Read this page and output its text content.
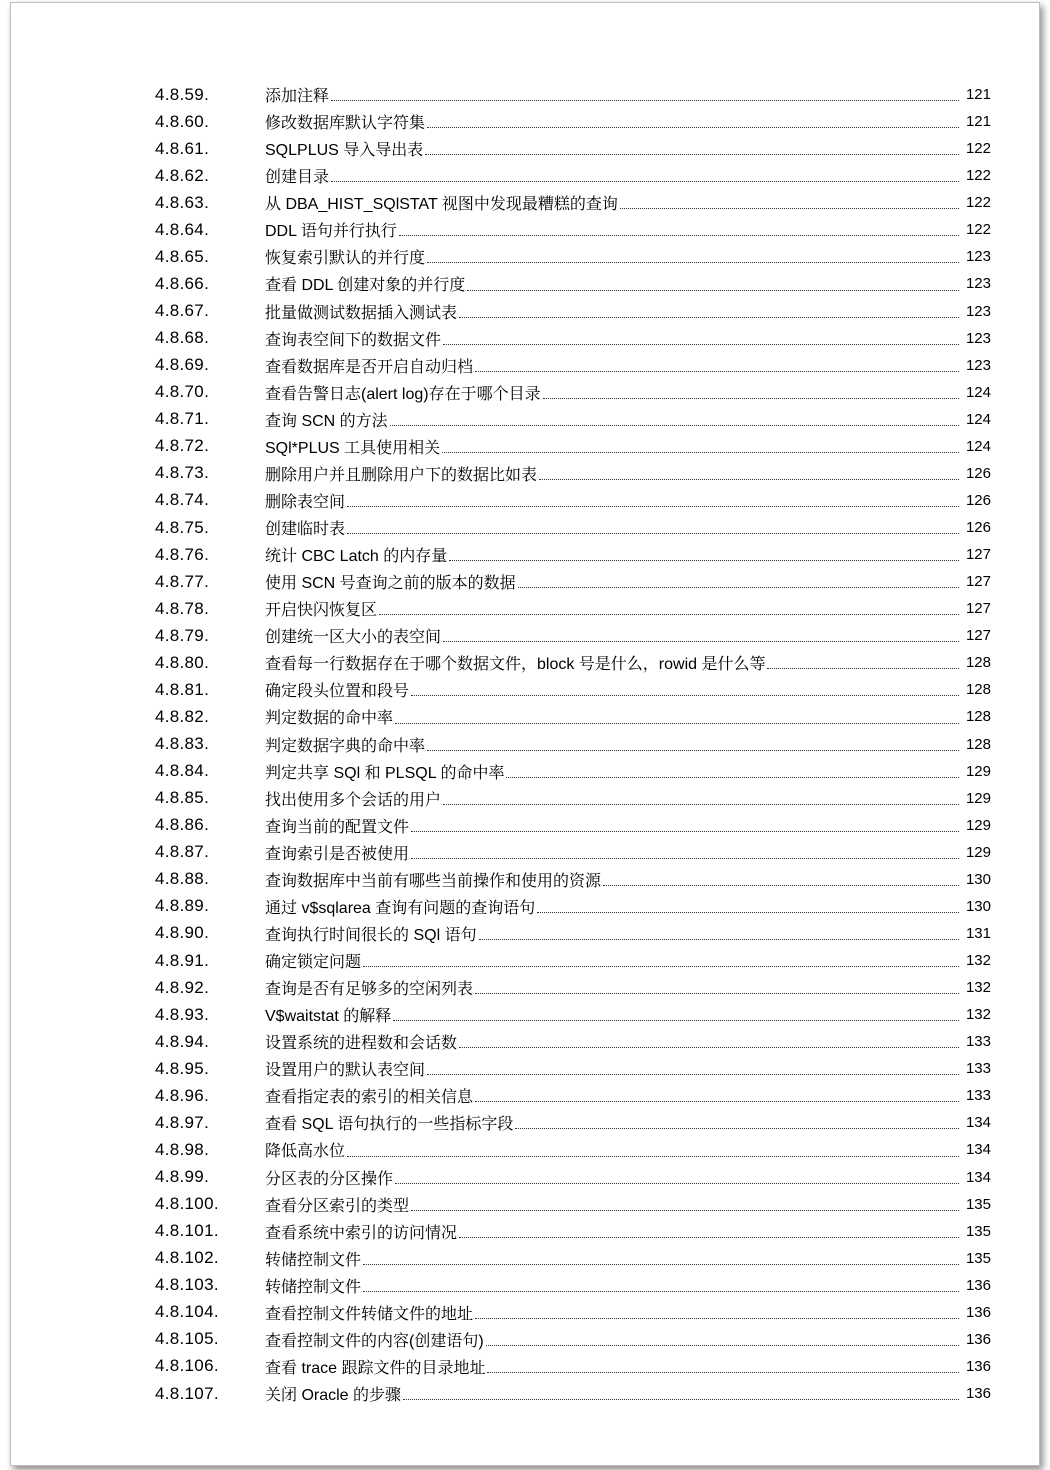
4.8.59.	添加注释	121
4.8.60.	修改数据库默认字符集	121
4.8.61.	SQLPLUS 导入导出表	122
4.8.62.	创建目录	122
4.8.63.	从 DBA_HIST_SQlSTAT 视图中发现最糟糕的查询	122
4.8.64.	DDL 语句并行执行	122
4.8.65.	恢复索引默认的并行度	123
4.8.66.	查看 DDL 创建对象的并行度	123
4.8.67.	批量做测试数据插入测试表	123
4.8.68.	查询表空间下的数据文件	123
4.8.69.	查看数据库是否开启自动归档	123
4.8.70.	查看告警日志(alert log)存在于哪个目录	124
4.8.71.	查询 SCN 的方法	124
4.8.72.	SQl*PLUS 工具使用相关	124
4.8.73.	删除用户并且删除用户下的数据比如表	126
4.8.74.	删除表空间	126
4.8.75.	创建临时表	126
4.8.76.	统计 CBC Latch 的内存量	127
4.8.77.	使用 SCN 号查询之前的版本的数据	127
4.8.78.	开启快闪恢复区	127
4.8.79.	创建统一区大小的表空间	127
4.8.80.	查看每一行数据存在于哪个数据文件，block 号是什么，rowid 是什么等	128
4.8.81.	确定段头位置和段号	128
4.8.82.	判定数据的命中率	128
4.8.83.	判定数据字典的命中率	128
4.8.84.	判定共享 SQl 和 PLSQL 的命中率	129
4.8.85.	找出使用多个会话的用户	129
4.8.86.	查询当前的配置文件	129
4.8.87.	查询索引是否被使用	129
4.8.88.	查询数据库中当前有哪些当前操作和使用的资源	130
4.8.89.	通过 v$sqlarea 查询有问题的查询语句	130
4.8.90.	查询执行时间很长的 SQl 语句	131
4.8.91.	确定锁定问题	132
4.8.92.	查询是否有足够多的空闲列表	132
4.8.93.	V$waitstat 的解释	132
4.8.94.	设置系统的进程数和会话数	133
4.8.95.	设置用户的默认表空间	133
4.8.96.	查看指定表的索引的相关信息	133
4.8.97.	查看 SQL 语句执行的一些指标字段	134
4.8.98.	降低高水位	134
4.8.99.	分区表的分区操作	134
4.8.100.	查看分区索引的类型	135
4.8.101.	查看系统中索引的访问情况	135
4.8.102.	转储控制文件	135
4.8.103.	转储控制文件	136
4.8.104.	查看控制文件转储文件的地址	136
4.8.105.	查看控制文件的内容(创建语句)	136
4.8.106.	查看 trace 跟踪文件的目录地址	136
4.8.107.	关闭 Oracle 的步骤	136
